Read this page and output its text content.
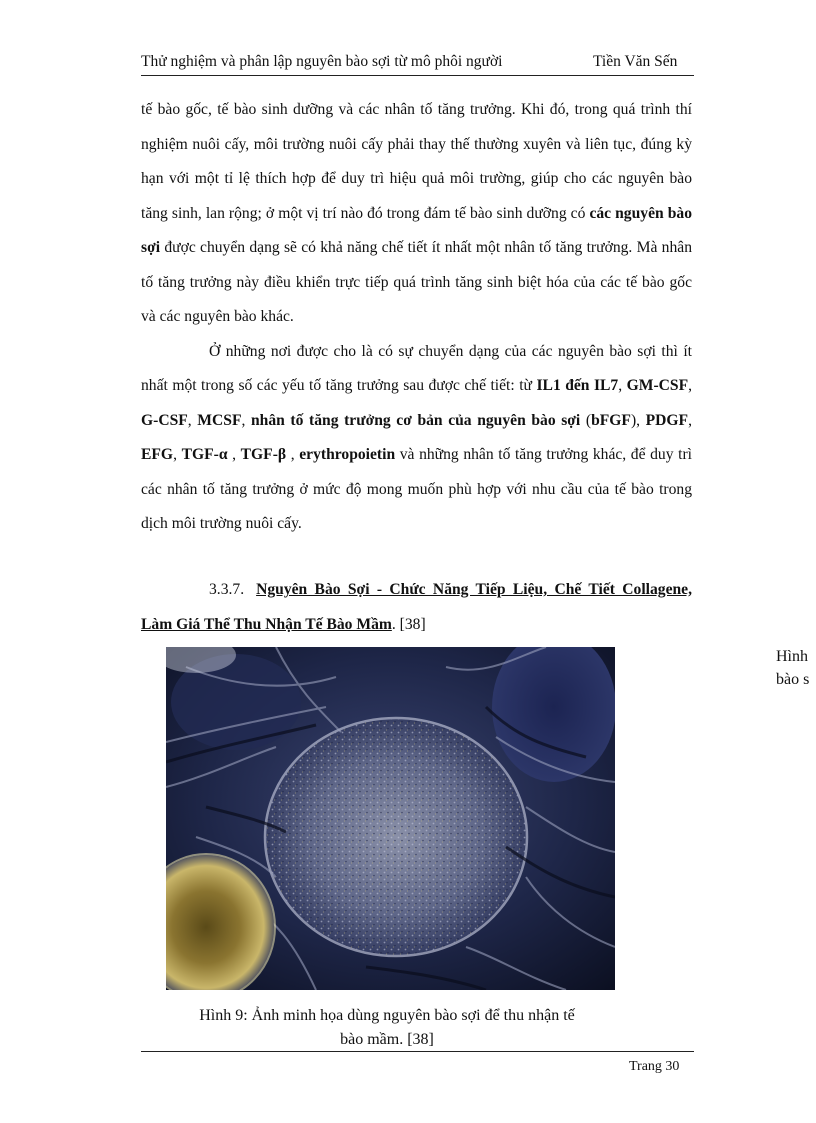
Thử nghiệm và phân lập nguyên bào sợi từ mô phôi người	Tiền Văn Sến

tế bào gốc, tế bào sinh dưỡng và các nhân tố tăng trưởng. Khi đó, trong quá trình thí nghiệm nuôi cấy, môi trường nuôi cấy phải thay thế thường xuyên và liên tục, đúng kỳ hạn với một tỉ lệ thích hợp để duy trì hiệu quả môi trường, giúp cho các nguyên bào tăng sinh, lan rộng; ở một vị trí nào đó trong đám tế bào sinh dưỡng có các nguyên bào sợi được chuyển dạng sẽ có khả năng chế tiết ít nhất một nhân tố tăng trưởng. Mà nhân tố tăng trưởng này điều khiển trực tiếp quá trình tăng sinh biệt hóa của các tế bào gốc và các nguyên bào khác.

Ở những nơi được cho là có sự chuyển dạng của các nguyên bào sợi thì ít nhất một trong số các yếu tố tăng trưởng sau được chế tiết: từ IL1 đến IL7, GM-CSF, G-CSF, MCSF, nhân tố tăng trưởng cơ bản của nguyên bào sợi (bFGF), PDGF, EFG, TGF-α , TGF-β , erythropoietin và những nhân tố tăng trưởng khác, để duy trì các nhân tố tăng trưởng ở mức độ mong muốn phù hợp với nhu cầu của tế bào trong dịch môi trường nuôi cấy.

3.3.7. Nguyên Bào Sợi - Chức Năng Tiếp Liệu, Chế Tiết Collagene, Làm Giá Thể Thu Nhận Tế Bào Mầm. [38]
Hình 9: Ảnh minh họa dùng nguyên bào sợi để thu nhận tế
bào mầm. [38]
Hình
bào s
Trang 30
